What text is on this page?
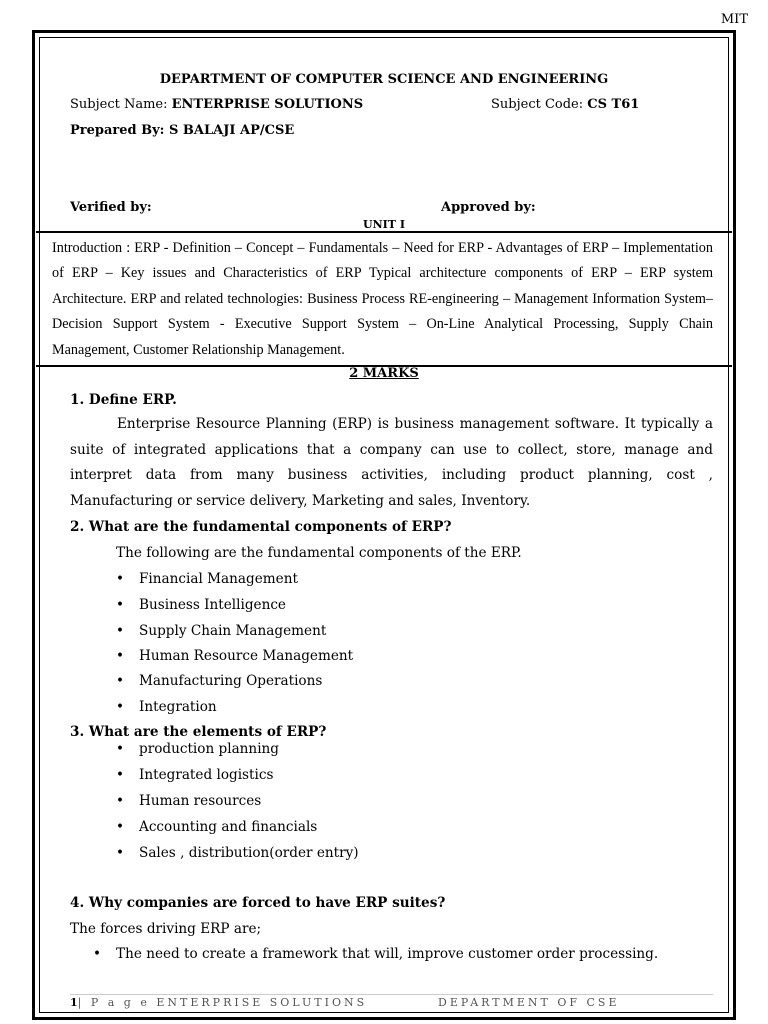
MIT
DEPARTMENT OF COMPUTER SCIENCE AND ENGINEERING
Subject Name: ENTERPRISE SOLUTIONS	Subject Code: CS T61
Prepared By: S BALAJI AP/CSE
Verified by:	Approved by:
UNIT I
Introduction : ERP - Definition – Concept – Fundamentals – Need for ERP - Advantages of ERP – Implementation of ERP – Key issues and Characteristics of ERP Typical architecture components of ERP – ERP system Architecture. ERP and related technologies: Business Process RE-engineering – Management Information System– Decision Support System - Executive Support System – On-Line Analytical Processing, Supply Chain Management, Customer Relationship Management.
2 MARKS
1. Define ERP.
Enterprise Resource Planning (ERP) is business management software. It typically a suite of integrated applications that a company can use to collect, store, manage and interpret data from many business activities, including product planning, cost , Manufacturing or service delivery, Marketing and sales, Inventory.
2. What are the fundamental components of ERP?
The following are the fundamental components of the ERP.
• Financial Management
• Business Intelligence
• Supply Chain Management
• Human Resource Management
• Manufacturing Operations
• Integration
3. What are the elements of ERP?
• production planning
• Integrated logistics
• Human resources
• Accounting and financials
• Sales , distribution(order entry)
4. Why companies are forced to have ERP suites?
The forces driving ERP are;
• The need to create a framework that will, improve customer order processing.
1| P a g e ENTERPRISE SOLUTIONS	DEPARTMENT OF CSE
